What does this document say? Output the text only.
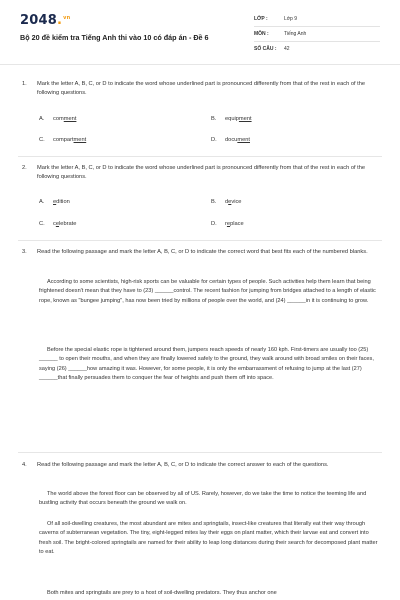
2048.$^{vn}$
Bộ 20 đề kiểm tra Tiếng Anh thi vào 10 có đáp án - Đề 6
LỚP :	Lớp 9
MÔN :	Tiếng Anh
SỐ CÂU : 42
1. Mark the letter A, B, C, or D to indicate the word whose underlined part is pronounced differently from that of the rest in each of the following questions.
A. comment	B. equipment
C. compartment	D. document
2. Mark the letter A, B, C, or D to indicate the word whose underlined part is pronounced differently from that of the rest in each of the following questions.
A. edition	B. device
C. celebrate	D. replace
3. Read the following passage and mark the letter A, B, C, or D to indicate the correct word that best fits each of the numbered blanks.
According to some scientists, high-risk sports can be valuable for certain types of people. Such activities help them learn that being frightened doesn't mean that they have to (23) ______control. The recent fashion for jumping from bridges attached to a length of elastic rope, known as "bungee jumping", has now been tried by millions of people over the world, and (24) ______in it is continuing to grow.
Before the special elastic rope is tightened around them, jumpers reach speeds of nearly 160 kph. First-timers are usually too (25) ______ to open their mouths, and when they are finally lowered safely to the ground, they walk around with broad smiles on their faces, saying (26) ______how amazing it was. However, for some people, it is only the embarrassment of refusing to jump at the last (27) ______that finally persuades them to conquer the fear of heights and push them off into space.
4. Read the following passage and mark the letter A, B, C, or D to indicate the correct answer to each of the questions.
The world above the forest floor can be observed by all of US. Rarely, however, do we take the time to notice the teeming life and bustling activity that occurs beneath the ground we walk on.
Of all soil-dwelling creatures, the most abundant are mites and springtails, insect-like creatures that literally eat their way through caverns of subterranean vegetation. The tiny, eight-legged mites lay their eggs on plant matter, which their larvae eat and convert into fresh soil. The bright-colored springtails are named for their ability to leap long distances during their search for decomposed plant matter to eat.
Both mites and springtails are prey to a host of soil-dwelling predators. They thus anchor one
